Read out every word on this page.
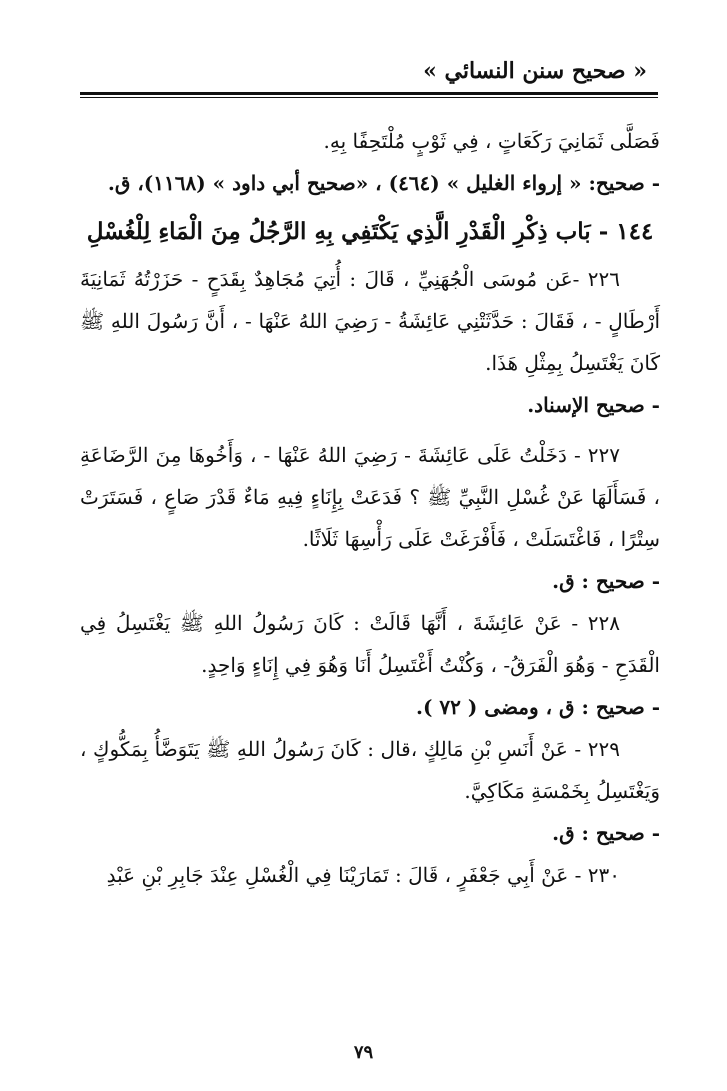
« صحيح سنن النسائي »

فَصَلَّى ثَمَانِيَ رَكَعَاتٍ ، فِي ثَوْبٍ مُلْتَحِفًا بِهِ.

- صحيح: « إرواء الغليل » (٤٦٤) ، «صحيح أبي داود » (١١٦٨)، ق.

١٤٤ - بَاب ذِكْرِ الْقَدْرِ الَّذِي يَكْتَفِي بِهِ الرَّجُلُ مِنَ الْمَاءِ لِلْغُسْلِ

٢٢٦ -عَن مُوسَى الْجُهَنِيِّ ، قَالَ : أُتِيَ مُجَاهِدٌ بِقَدَحٍ - حَزَرْتُهُ ثَمَانِيَةَ أَرْطَالٍ - ، فَقَالَ : حَدَّثَتْنِي عَائِشَةُ - رَضِيَ اللهُ عَنْهَا - ، أَنَّ رَسُولَ اللهِ ﷺ كَانَ يَغْتَسِلُ بِمِثْلِ هَذَا.

- صحيح الإسناد.

٢٢٧ - دَخَلْتُ عَلَى عَائِشَةَ - رَضِيَ اللهُ عَنْهَا - ، وَأَخُوهَا مِنَ الرَّضَاعَةِ ، فَسَأَلَهَا عَنْ غُسْلِ النَّبِيِّ ﷺ ؟ فَدَعَتْ بِإِنَاءٍ فِيهِ مَاءٌ قَدْرَ صَاعٍ ، فَسَتَرَتْ سِتْرًا ، فَاغْتَسَلَتْ ، فَأَفْرَغَتْ عَلَى رَأْسِهَا ثَلَاثًا.

- صحيح : ق.

٢٢٨ - عَنْ عَائِشَةَ ، أَنَّهَا قَالَتْ : كَانَ رَسُولُ اللهِ ﷺ يَغْتَسِلُ فِي الْقَدَحِ - وَهُوَ الْفَرَقُ- ، وَكُنْتُ أَغْتَسِلُ أَنَا وَهُوَ فِي إِنَاءٍ وَاحِدٍ.

- صحيح : ق ، ومضى ( ٧٢ ).

٢٢٩ - عَنْ أَنَسِ بْنِ مَالِكٍ ،قال : كَانَ رَسُولُ اللهِ ﷺ يَتَوَضَّأُ بِمَكُّوكٍ ، وَيَغْتَسِلُ بِخَمْسَةِ مَكَاكِيَّ.

- صحيح : ق.

٢٣٠ - عَنْ أَبِي جَعْفَرٍ ، قَالَ : تَمَارَيْنَا فِي الْغُسْلِ عِنْدَ جَابِرِ بْنِ عَبْدِ

٧٩
